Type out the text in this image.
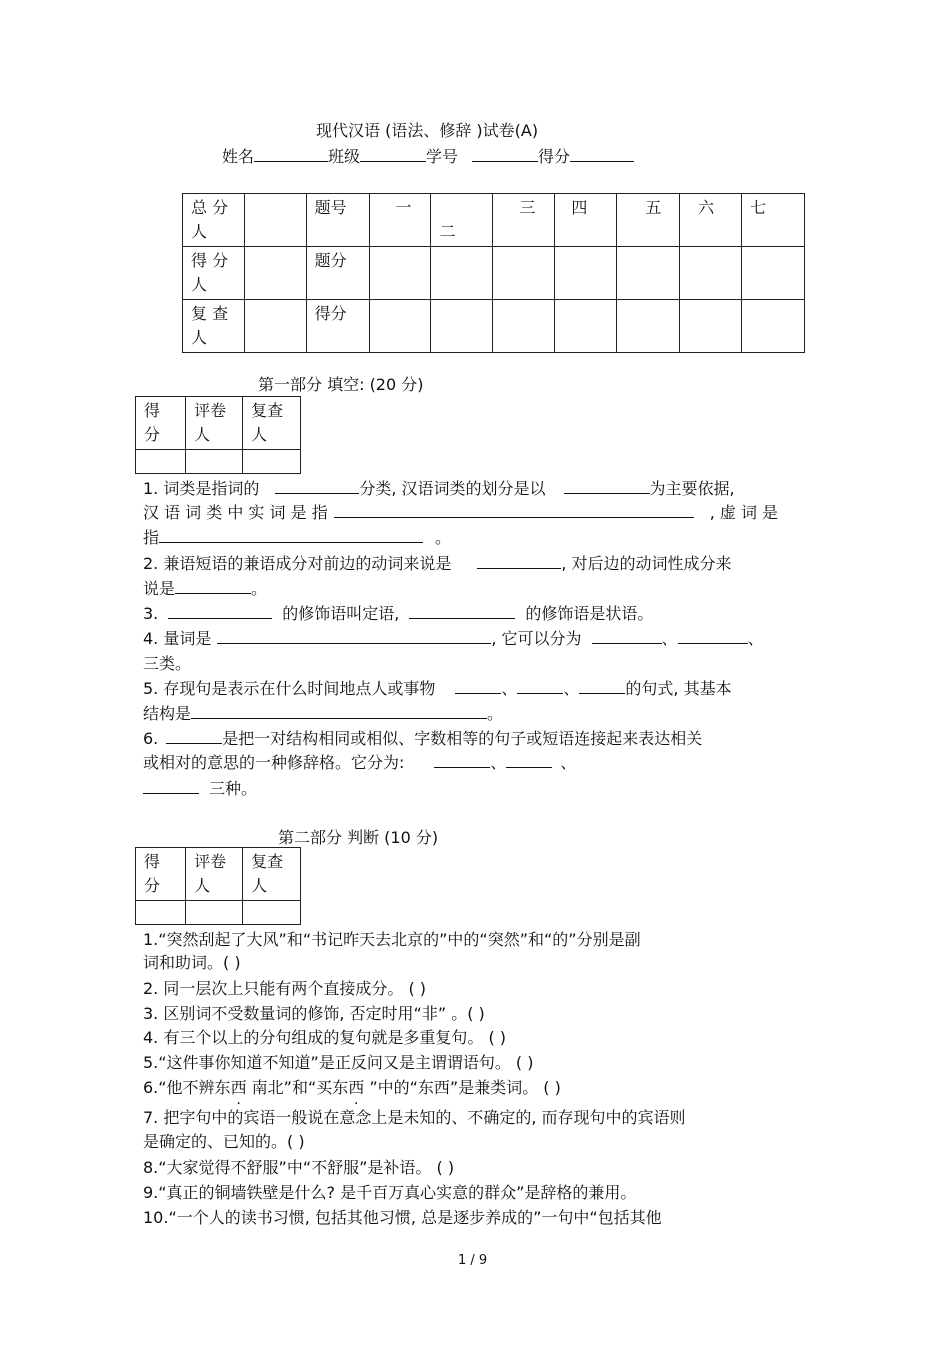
现代汉语 (语法、修辞 )试卷(A)
姓名	班级	学号	得分
总 分人		题号	一	二	三	四	五	六	七

得 分人		题分							

复 查人		得分							

第一部分 填空: (20 分)
得分	评卷人	复查人

1. 词类是指词的	分类, 汉语词类的划分是以	为主要依据,
汉 语 词 类 中 实 词 是 指	, 虚 词 是
指	。
2. 兼语短语的兼语成分对前边的动词来说是	, 对后边的动词性成分来
说是	。
3.	的修饰语叫定语,	的修饰语是状语。
4. 量词是	, 它可以分为	、	、
三类。
5. 存现句是表示在什么时间地点人或事物	、	、	的句式, 其基本
结构是	。
6.	是把一对结构相同或相似、字数相等的句子或短语连接起来表达相关
或相对的意思的一种修辞格。它分为:	、	、
三种。
第二部分 判断 (10 分)
得分	评卷人	复查人

1.“突然刮起了大风”和“书记昨天去北京的”中的“突然”和“的”分别是副
词和助词。( )
2. 同一层次上只能有两个直接成分。 ( )
3. 区别词不受数量词的修饰, 否定时用“非” 。( )
4. 有三个以上的分句组成的复句就是多重复句。 ( )
5.“这件事你知道不知道”是正反问又是主谓谓语句。 ( )
6.“他不辨东西 南北”和“买东西 ”中的“东西”是兼类词。 ( )
7. 把字句中的宾语一般说在意念上是未知的、不确定的, 而存现句中的宾语则
是确定的、已知的。( )
8.“大家觉得不舒服”中“不舒服”是补语。 ( )
9.“真正的铜墙铁壁是什么? 是千百万真心实意的群众”是辞格的兼用。
10.“一个人的读书习惯, 包括其他习惯, 总是逐步养成的”一句中“包括其他
1 / 9
